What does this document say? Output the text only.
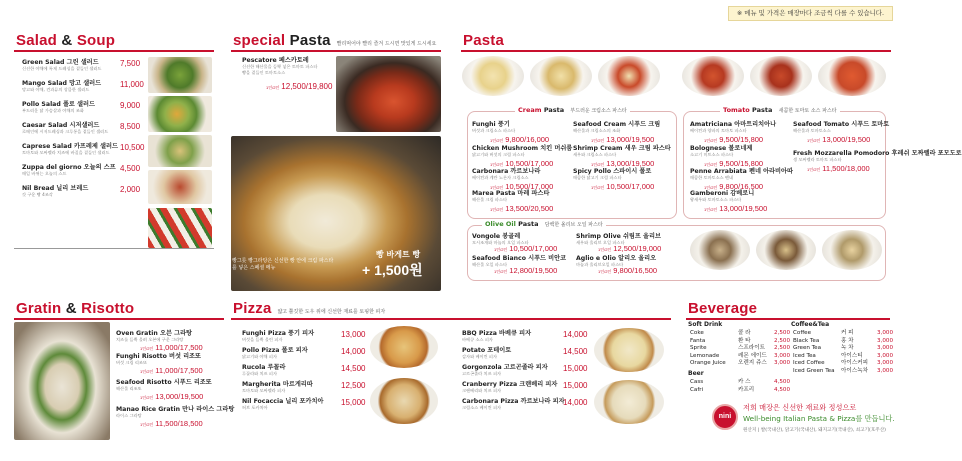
※ 메뉴 및 가격은 매장마다 조금씩 다를 수 있습니다.
Salad & Soup
Green Salad 그린 샐러드
신선한 야채에 특제 드레싱을 곁들인 샐러드
7,500
Mango Salad 망고 샐러드
망고와 야채, 견과류의 상큼한 샐러드
11,000
Pollo Salad 폴로 샐러드
부드러운 닭 가슴살과 야채의 조화
9,000
Caesar Salad 시저샐러드
로메인에 시저드레싱과 크루통을 곁들인 샐러드
8,500
Caprese Salad 카프레제 샐러드
토마토와 모짜렐라 치즈에 바질을 곁들인 샐러드
10,500
Zuppa del giorno 오늘의 스프
매일 바뀌는 오늘의 스프
4,500
Nil Bread 닐리 브레드
갓 구운 빵 4조각
2,000
special Pasta 빨리먹어야 빨리 즐겨 드시면 맛있게 드시세요
Pescatore 페스카토레
신선한 해산물을 듬뿍 넣은 토마토 파스타
빵을 곁들인 토마토소스
1인/2인 12,500/19,800
빵그릇 빵그라탕은 신선한 빵 안에 크림 파스타를 넣은 스페셜 메뉴
빵 바게트 빵
+ 1,500원
Pasta
Cream Pasta 부드러운 크림소스 파스타
Funghi 풍기
버섯과 크림소스 파스타
1인/2인 9,800/16,000
Chicken Mushroom 치킨 머쉬룸
닭고기와 버섯의 크림 파스타
1인/2인 10,500/17,000
Carbonara 까르보나라
베이컨과 계란 노른자 크림소스
1인/2인 10,500/17,000
Marea Pasta 마레 파스타
해산물 크림 파스타
1인/2인 13,500/20,500
Seafood Cream 시푸드 크림
해산물과 크림소스의 조화
1인/2인 13,000/19,500
Shrimp Cream 새우 크림 파스타
새우와 크림소스 파스타
1인/2인 13,000/19,500
Spicy Pollo 스파이시 폴로
매콤한 닭고기 크림 파스타
1인/2인 10,500/17,000
Tomato Pasta 새콤한 토마토 소스 파스타
Amatriciana 아마트리치아나
베이컨과 양파의 토마토 파스타
1인/2인 9,500/15,800
Bolognese 볼로네제
소고기 미트소스 파스타
1인/2인 9,500/15,800
Penne Arrabiata 펜네 아라비아따
매콤한 토마토소스 펜네
1인/2인 9,800/16,500
Gamberoni 감베로니
왕새우와 토마토소스 파스타
1인/2인 13,000/19,500
Seafood Tomato 시푸드 토마토
해산물과 토마토소스
1인/2인 13,000/19,500
Fresh Mozzarella Pomodoro 후레쉬 모짜렐라 포모도로
생 모짜렐라 토마토 파스타
1인/2인 11,500/18,000
Olive Oil Pasta 담백한 올리브 오일 파스타
Vongole 봉골레
모시조개와 마늘의 오일 파스타
1인/2인 10,500/17,000
Seafood Bianco 시푸드 비안코
해산물 오일 파스타
1인/2인 12,800/19,500
Shrimp Olive 쉬림프 올리브
새우와 올리브 오일 파스타
1인/2인 12,500/19,000
Aglio e Olio 알리오 올리오
마늘과 올리브오일 파스타
1인/2인 9,800/16,500
Gratin & Risotto
Oven Gratin 오븐 그라탕
치즈를 듬뿍 올려 오븐에 구운 그라탕
1인/2인 11,000/17,500
Funghi Risotto 버섯 리조또
버섯 크림 리조또
1인/2인 11,000/17,500
Seafood Risotto 시푸드 리조또
해산물 리조또
1인/2인 13,000/19,500
Manao Rice Gratin 만나 라이스 그라탕
라이스 그라탕
1인/2인 11,500/18,500
Pizza 얇고 쫄깃한 도우 위에 신선한 재료를 토핑한 피자
Funghi Pizza 풍기 피자
버섯을 듬뿍 올린 피자
13,000
Pollo Pizza 폴로 피자
닭고기와 야채 피자
14,000
Rucola 루꼴라
루꼴라와 치즈 피자
14,500
Margherita 마르게리따
토마토와 모짜렐라 피자
12,500
Nil Focaccia 닐리 포카치아
허브 포카치아
15,000
BBQ Pizza 바베큐 피자
바베큐 소스 피자
14,000
Potato 포테이토
감자와 베이컨 피자
14,500
Gorgonzola 고르곤졸라 피자
고르곤졸라 치즈 피자
15,000
Cranberry Pizza 크랜베리 피자
크랜베리와 치즈 피자
15,000
Carbonara Pizza 까르보나라 피자
크림소스 베이컨 피자
14,000
Beverage
Soft Drink	Coffee&Tea
Beer
Coke	콜 라	2,500
Fanta	환 타	2,500
Sprite	스프라이트	2,500
Lemonade	레몬 에이드	3,000
Orange Juice	오렌지 쥬스	3,000
Coffee	커 피	3,000
Black Tea	홍 차	3,000
Green Tea	녹 차	3,000
Iced Tea	아이스티	3,000
Iced Coffee	아이스커피	3,000
Iced Green Tea	아이스녹차	3,000
Cass	카 스	4,500
Cafri	카프리	4,500
nini
저희 매장은 신선한 재료와 정성으로
Well-being Italian Pasta & Pizza를 만듭니다.
원산지 | 쌀(국내산), 닭고기(국내산), 돼지고기(국내산), 쇠고기(호주산)
